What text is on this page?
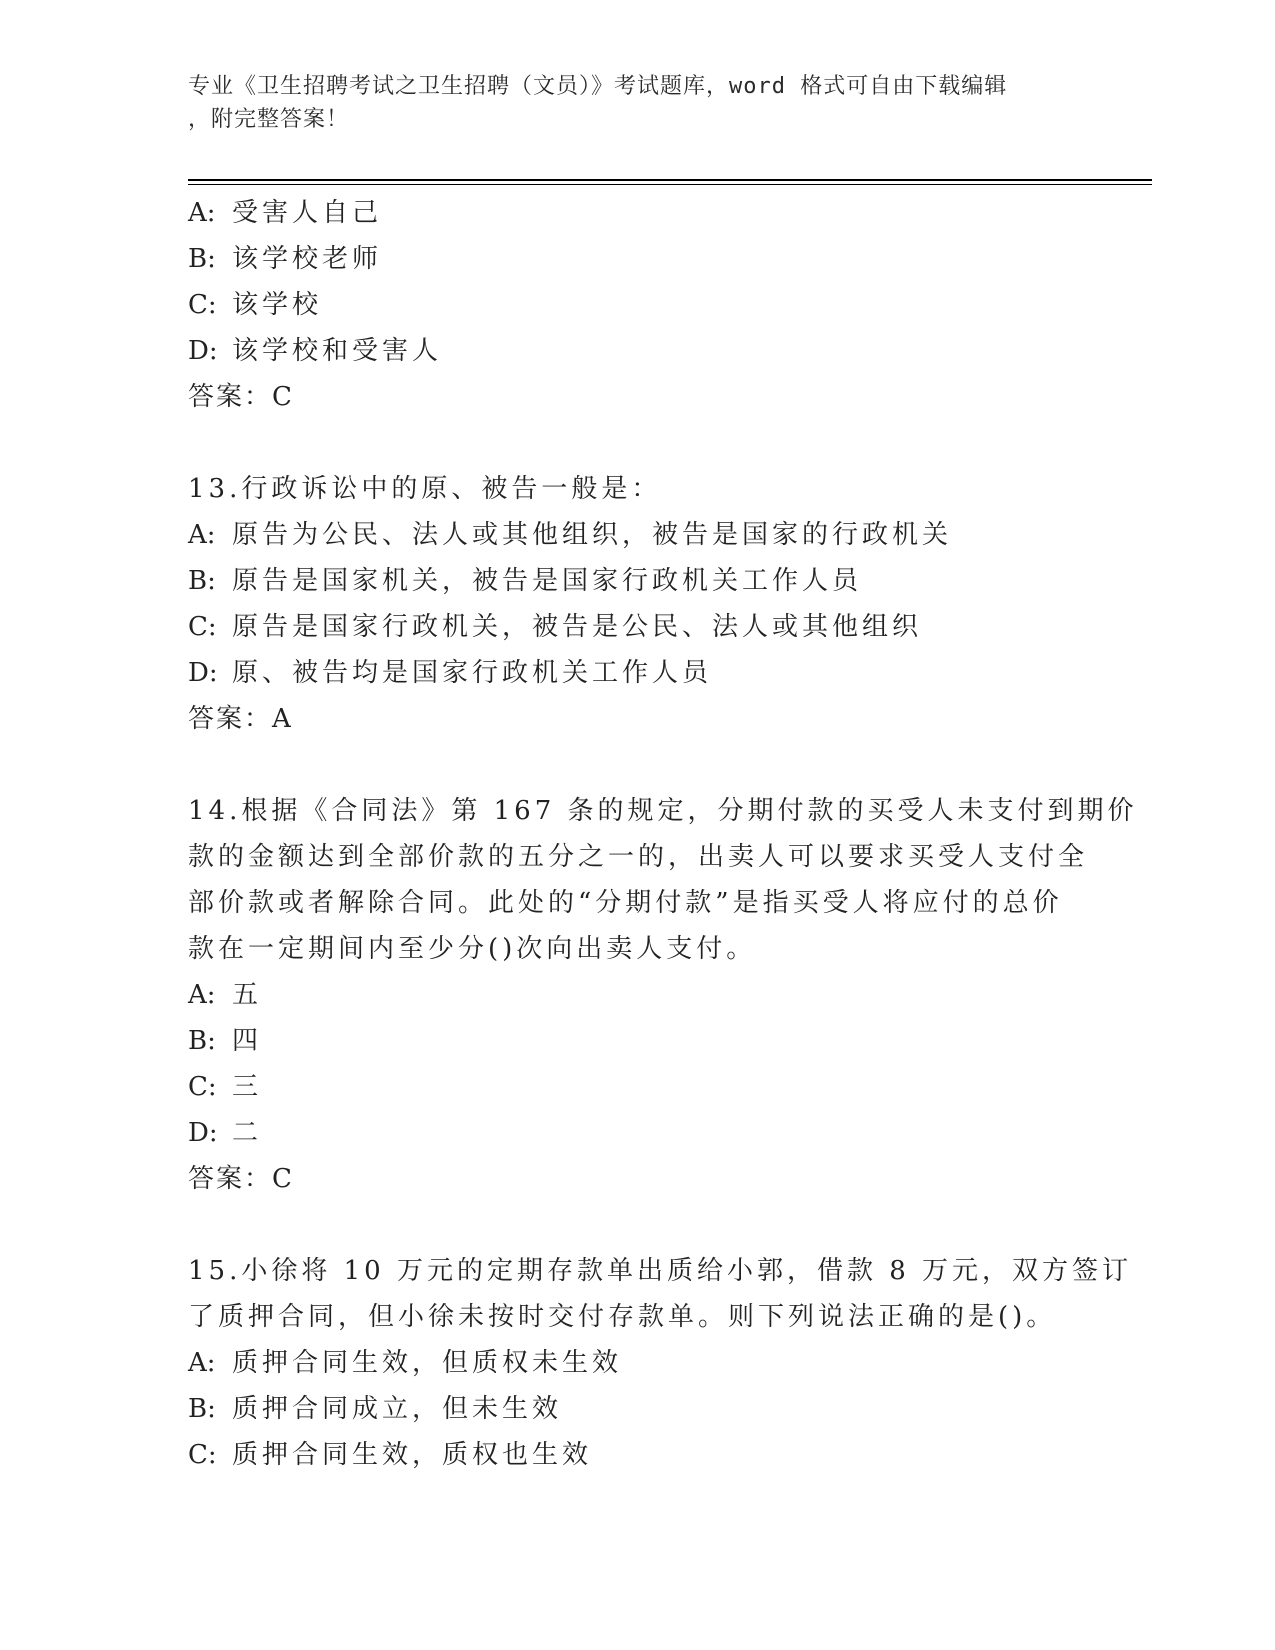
专业《卫生招聘考试之卫生招聘（文员）》考试题库，word 格式可自由下载编辑
，附完整答案！
A: 受害人自己
B: 该学校老师
C: 该学校
D: 该学校和受害人
答案：C
13.行政诉讼中的原、被告一般是：
A: 原告为公民、法人或其他组织，被告是国家的行政机关
B: 原告是国家机关，被告是国家行政机关工作人员
C: 原告是国家行政机关，被告是公民、法人或其他组织
D: 原、被告均是国家行政机关工作人员
答案：A
14.根据《合同法》第 167 条的规定，分期付款的买受人未支付到期价
款的金额达到全部价款的五分之一的，出卖人可以要求买受人支付全
部价款或者解除合同。此处的“分期付款”是指买受人将应付的总价
款在一定期间内至少分()次向出卖人支付。
A: 五
B: 四
C: 三
D: 二
答案：C
15.小徐将 10 万元的定期存款单出质给小郭，借款 8 万元，双方签订
了质押合同，但小徐未按时交付存款单。则下列说法正确的是()。
A: 质押合同生效，但质权未生效
B: 质押合同成立，但未生效
C: 质押合同生效，质权也生效
